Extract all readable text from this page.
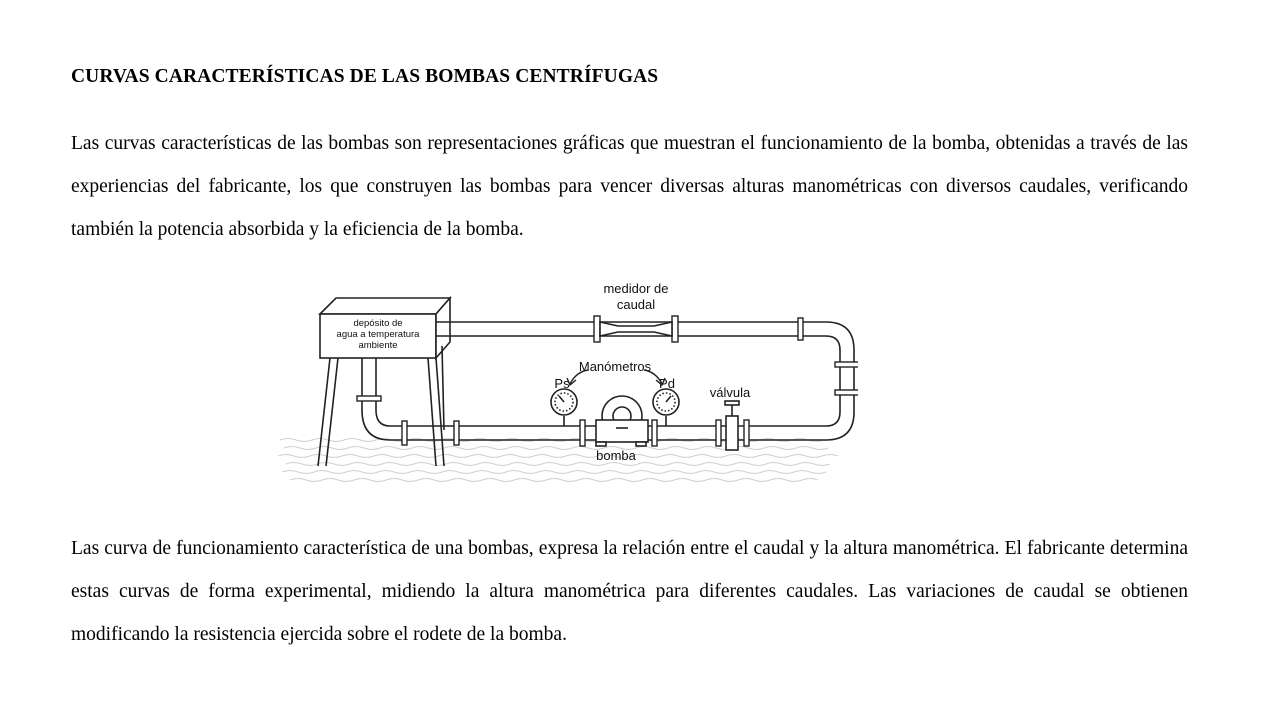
CURVAS CARACTERÍSTICAS DE LAS BOMBAS CENTRÍFUGAS

Las curvas características de las bombas son representaciones gráficas que muestran el funcionamiento de la bomba, obtenidas a través de las experiencias del fabricante, los que construyen las bombas para vencer diversas alturas manométricas con diversos caudales, verificando también la potencia absorbida y la eficiencia de la bomba.

depósito de
agua a temperatura
ambiente
medidor de
caudal
bomba
Manómetros
Ps	Pd
válvula

Las curva de funcionamiento característica de una bombas, expresa la relación entre el caudal y la altura manométrica. El fabricante determina estas curvas de forma experimental, midiendo la altura manométrica para diferentes caudales. Las variaciones de caudal se obtienen modificando la resistencia ejercida sobre el rodete de la bomba.
